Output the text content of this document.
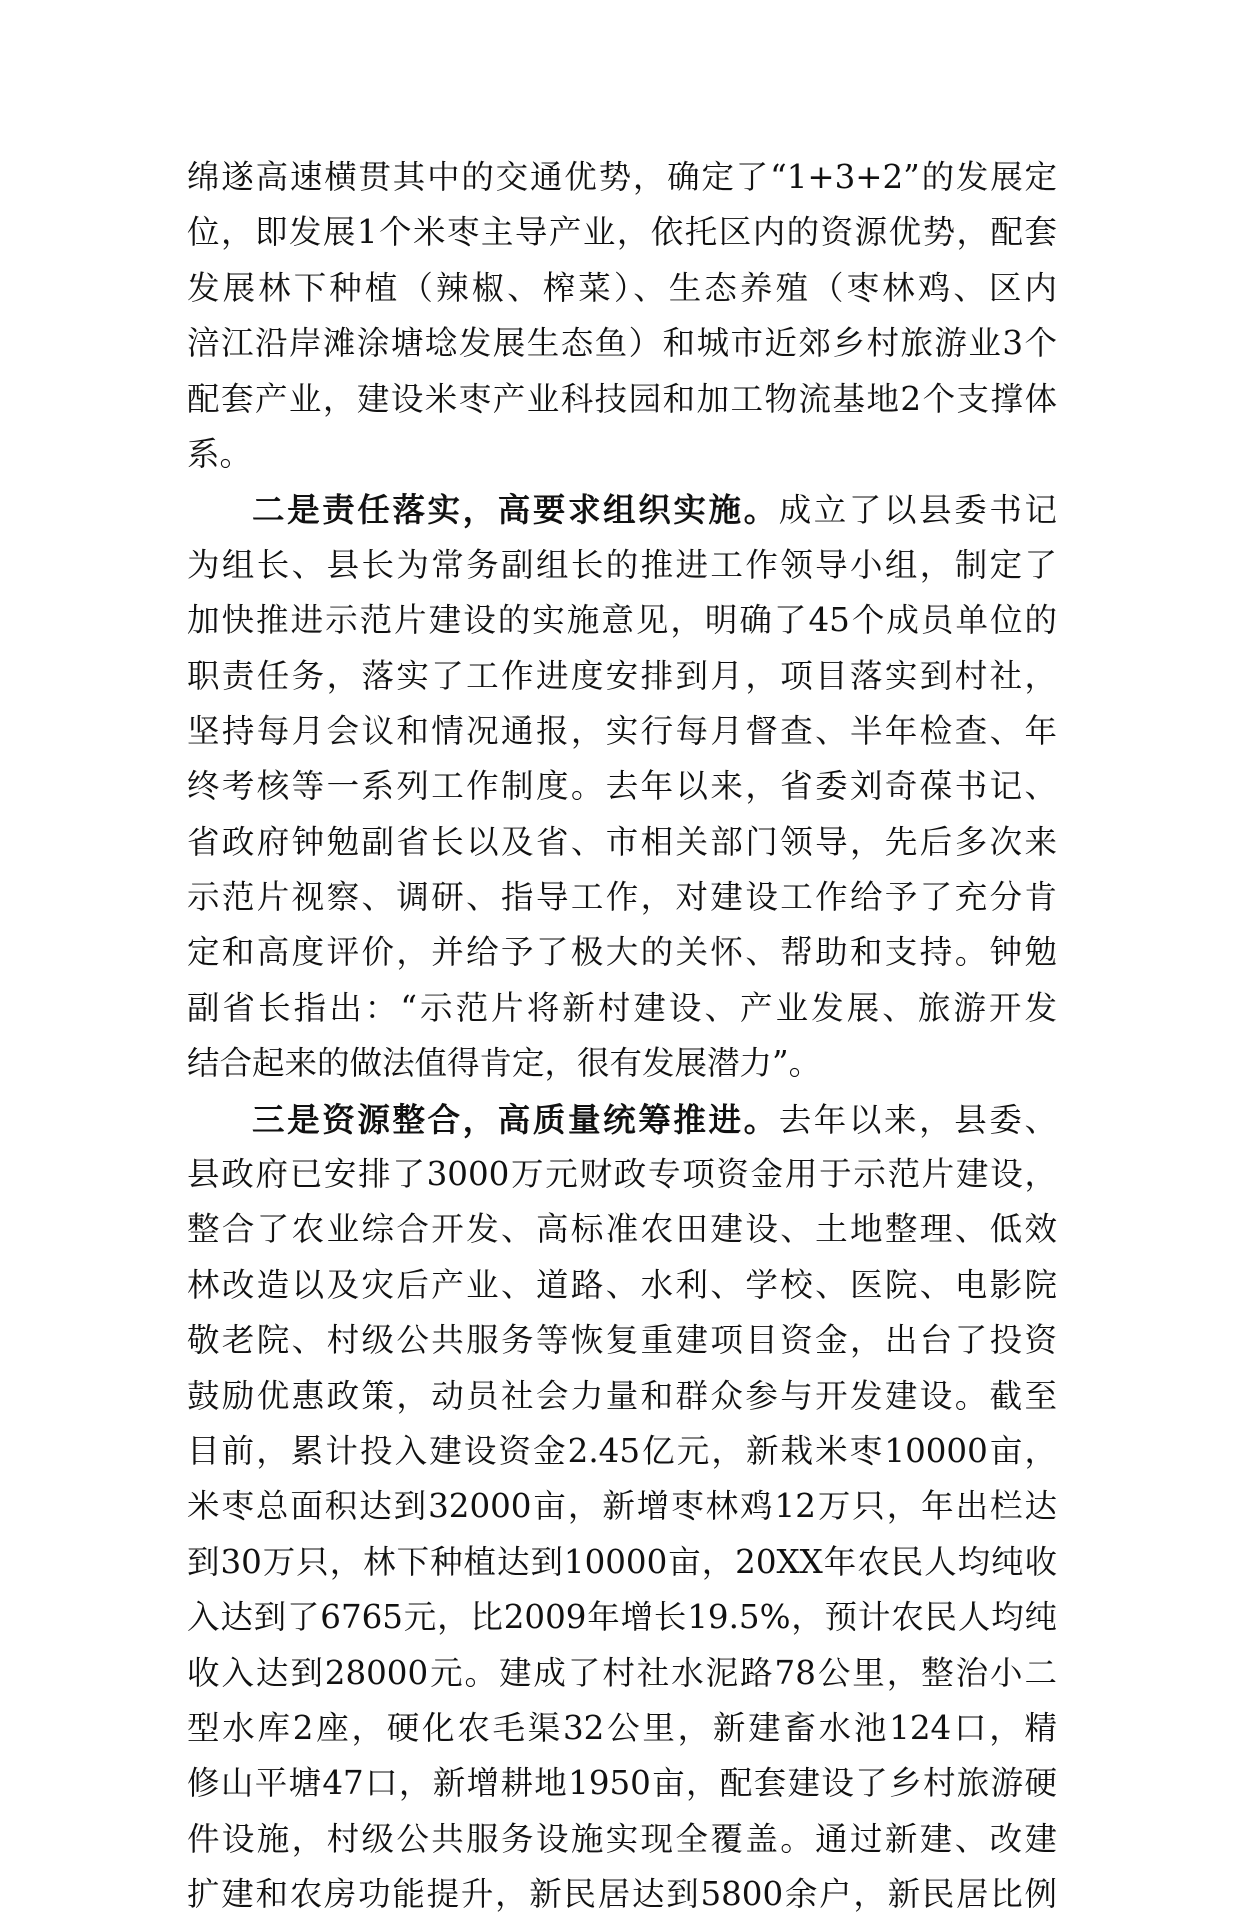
绵遂高速横贯其中的交通优势，确定了“1+3+2”的发展定
位，即发展1个米枣主导产业，依托区内的资源优势，配套
发展林下种植（辣椒、榨菜）、生态养殖（枣林鸡、区内
涪江沿岸滩涂塘埝发展生态鱼）和城市近郊乡村旅游业3个
配套产业，建设米枣产业科技园和加工物流基地2个支撑体
系。
二是责任落实，高要求组织实施。成立了以县委书记
为组长、县长为常务副组长的推进工作领导小组，制定了
加快推进示范片建设的实施意见，明确了45个成员单位的
职责任务，落实了工作进度安排到月，项目落实到村社，
坚持每月会议和情况通报，实行每月督查、半年检查、年
终考核等一系列工作制度。去年以来，省委刘奇葆书记、
省政府钟勉副省长以及省、市相关部门领导，先后多次来
示范片视察、调研、指导工作，对建设工作给予了充分肯
定和高度评价，并给予了极大的关怀、帮助和支持。钟勉
副省长指出：“示范片将新村建设、产业发展、旅游开发
结合起来的做法值得肯定，很有发展潜力”。
三是资源整合，高质量统筹推进。去年以来，县委、
县政府已安排了3000万元财政专项资金用于示范片建设，
整合了农业综合开发、高标准农田建设、土地整理、低效
林改造以及灾后产业、道路、水利、学校、医院、电影院
敬老院、村级公共服务等恢复重建项目资金，出台了投资
鼓励优惠政策，动员社会力量和群众参与开发建设。截至
目前，累计投入建设资金2.45亿元，新栽米枣10000亩，
米枣总面积达到32000亩，新增枣林鸡12万只，年出栏达
到30万只，林下种植达到10000亩，20XX年农民人均纯收
入达到了6765元，比2009年增长19.5%，预计农民人均纯
收入达到28000元。建成了村社水泥路78公里，整治小二
型水库2座，硬化农毛渠32公里，新建畜水池124口，精
修山平塘47口，新增耕地1950亩，配套建设了乡村旅游硬
件设施，村级公共服务设施实现全覆盖。通过新建、改建
扩建和农房功能提升，新民居达到5800余户，新民居比例
